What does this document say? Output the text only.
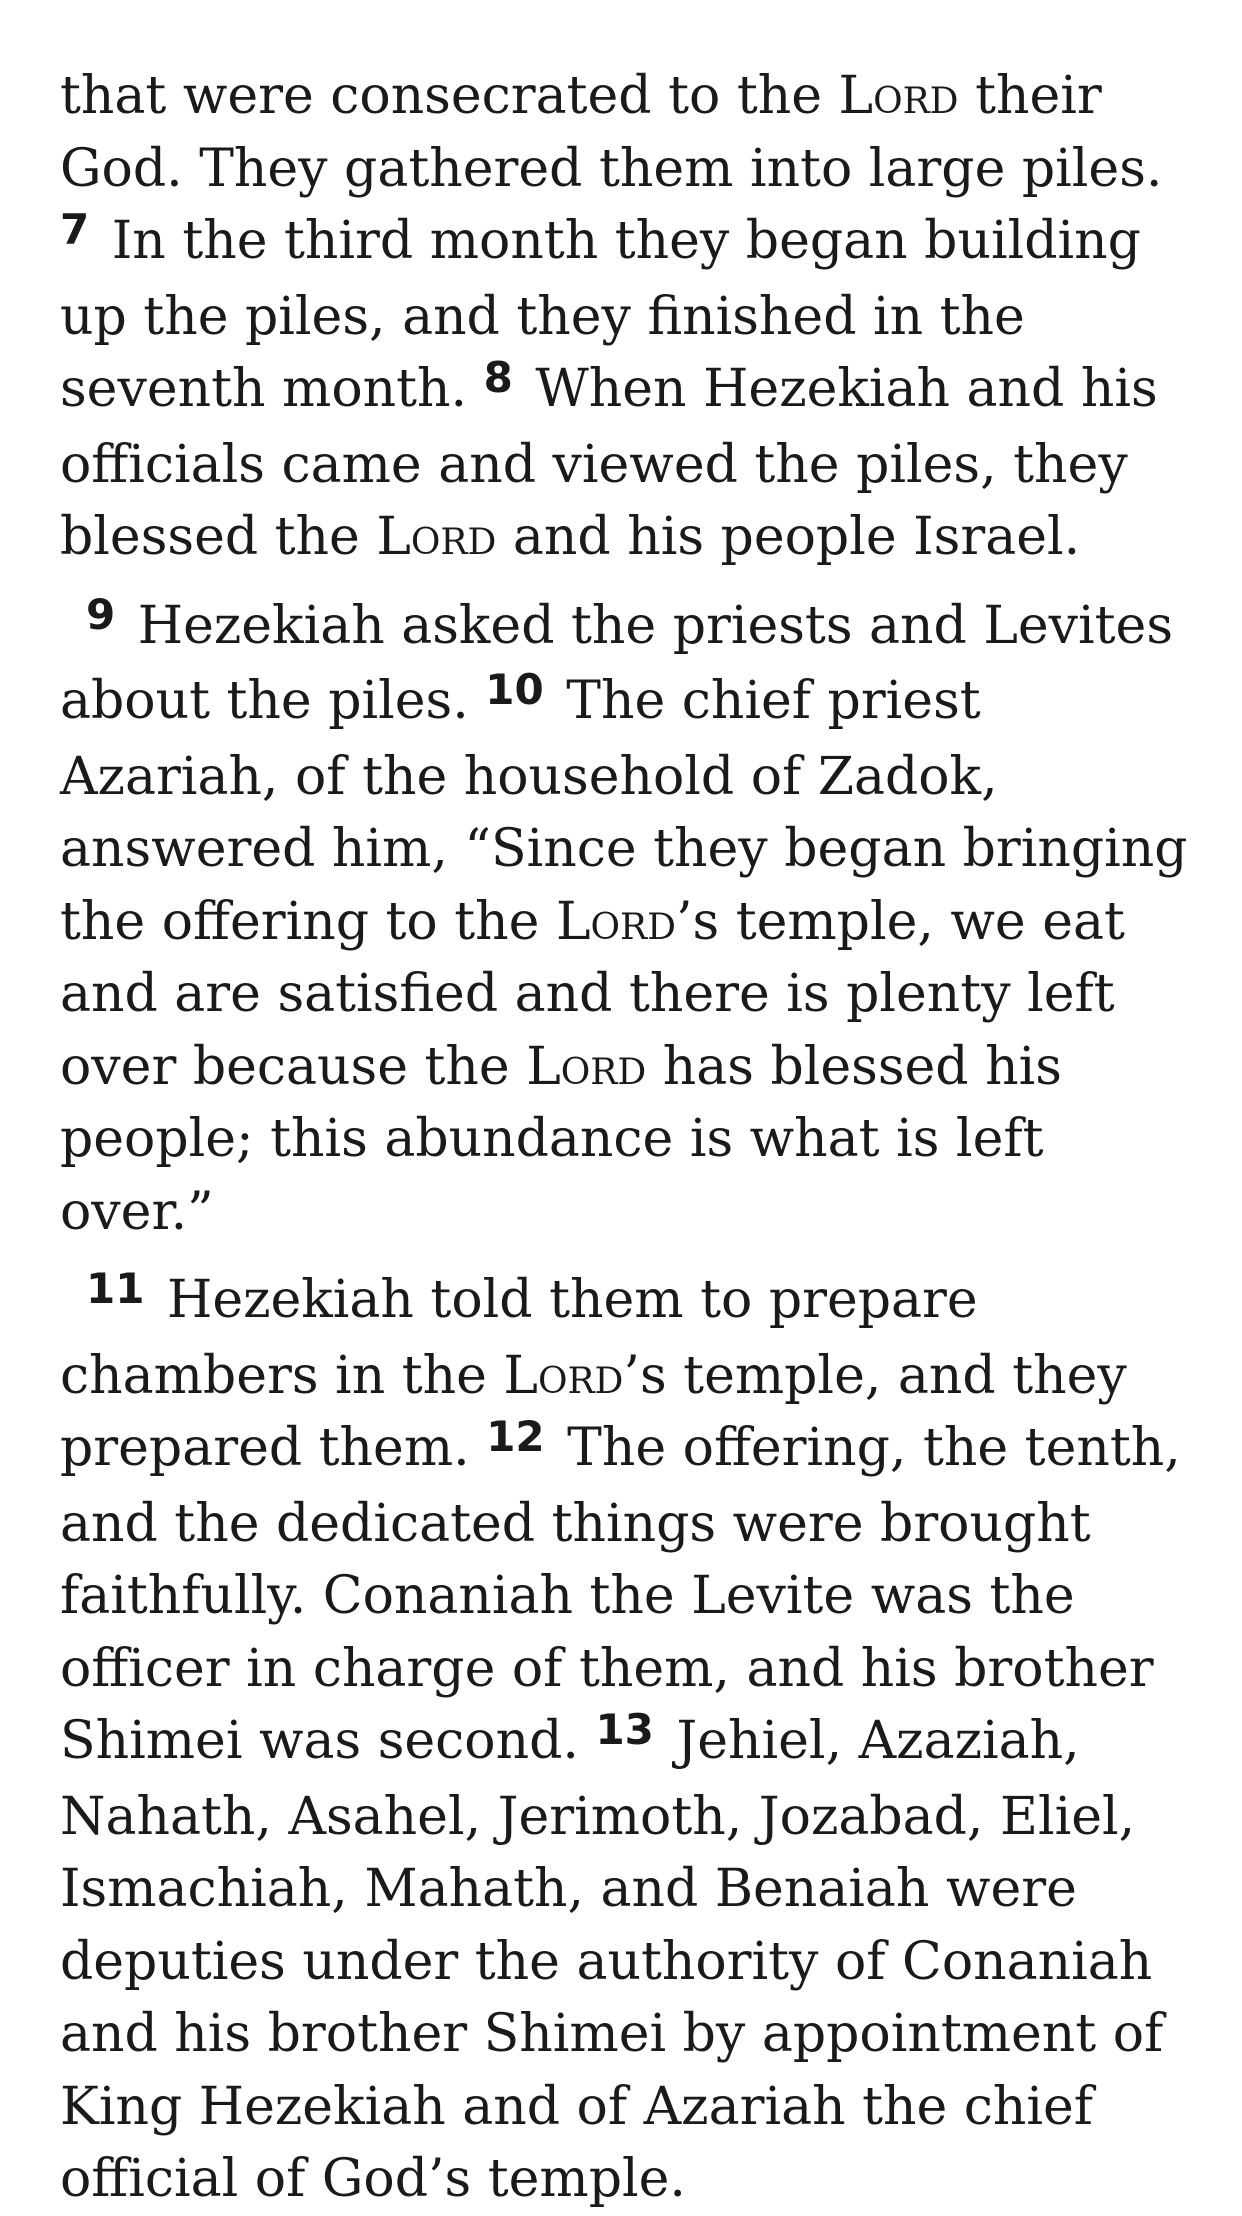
that were consecrated to the Lord their God. They gathered them into large piles. $^7$ In the third month they began building up the piles, and they finished in the seventh month. $^8$ When Hezekiah and his officials came and viewed the piles, they blessed the Lord and his people Israel.

$^9$ Hezekiah asked the priests and Levites about the piles. $^{10}$ The chief priest Azariah, of the household of Zadok, answered him, “Since they began bringing the offering to the Lord’s temple, we eat and are satisfied and there is plenty left over because the Lord has blessed his people; this abundance is what is left over.”

$^{11}$ Hezekiah told them to prepare chambers in the Lord’s temple, and they prepared them. $^{12}$ The offering, the tenth, and the dedicated things were brought faithfully. Conaniah the Levite was the officer in charge of them, and his brother Shimei was second. $^{13}$ Jehiel, Azaziah, Nahath, Asahel, Jerimoth, Jozabad, Eliel, Ismachiah, Mahath, and Benaiah were deputies under the authority of Conaniah and his brother Shimei by appointment of King Hezekiah and of Azariah the chief official of God’s temple.
